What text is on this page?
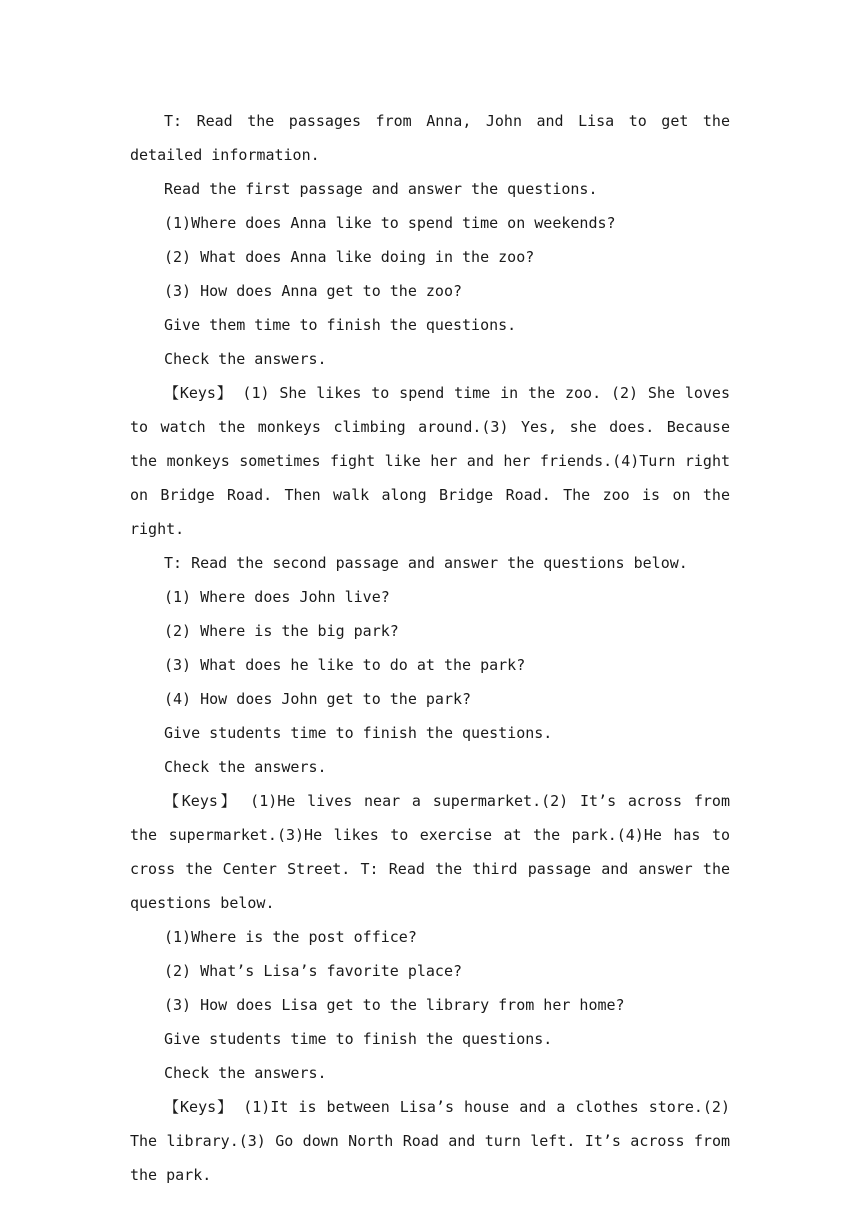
T: Read the passages from Anna, John and Lisa to get the detailed information.

Read the first passage and answer the questions.

(1)Where does Anna like to spend time on weekends?

(2) What does Anna like doing in the zoo?

(3) How does Anna get to the zoo?

Give them time to finish the questions.

Check the answers.

【Keys】 (1) She likes to spend time in the zoo. (2) She loves to watch the monkeys climbing around.(3) Yes, she does. Because the monkeys sometimes fight like her and her friends.(4)Turn right on Bridge Road. Then walk along Bridge Road. The zoo is on the right.

T: Read the second passage and answer the questions below.

(1) Where does John live?

(2) Where is the big park?

(3) What does he like to do at the park?

(4) How does John get to the park?

Give students time to finish the questions.

Check the answers.

【Keys】 (1)He lives near a supermarket.(2) It’s across from the supermarket.(3)He likes to exercise at the park.(4)He has to cross the Center Street. T: Read the third passage and answer the questions below.

(1)Where is the post office?

(2) What’s Lisa’s favorite place?

(3) How does Lisa get to the library from her home?

Give students time to finish the questions.

Check the answers.

【Keys】 (1)It is between Lisa’s house and a clothes store.(2) The library.(3) Go down North Road and turn left. It’s across from the park.
